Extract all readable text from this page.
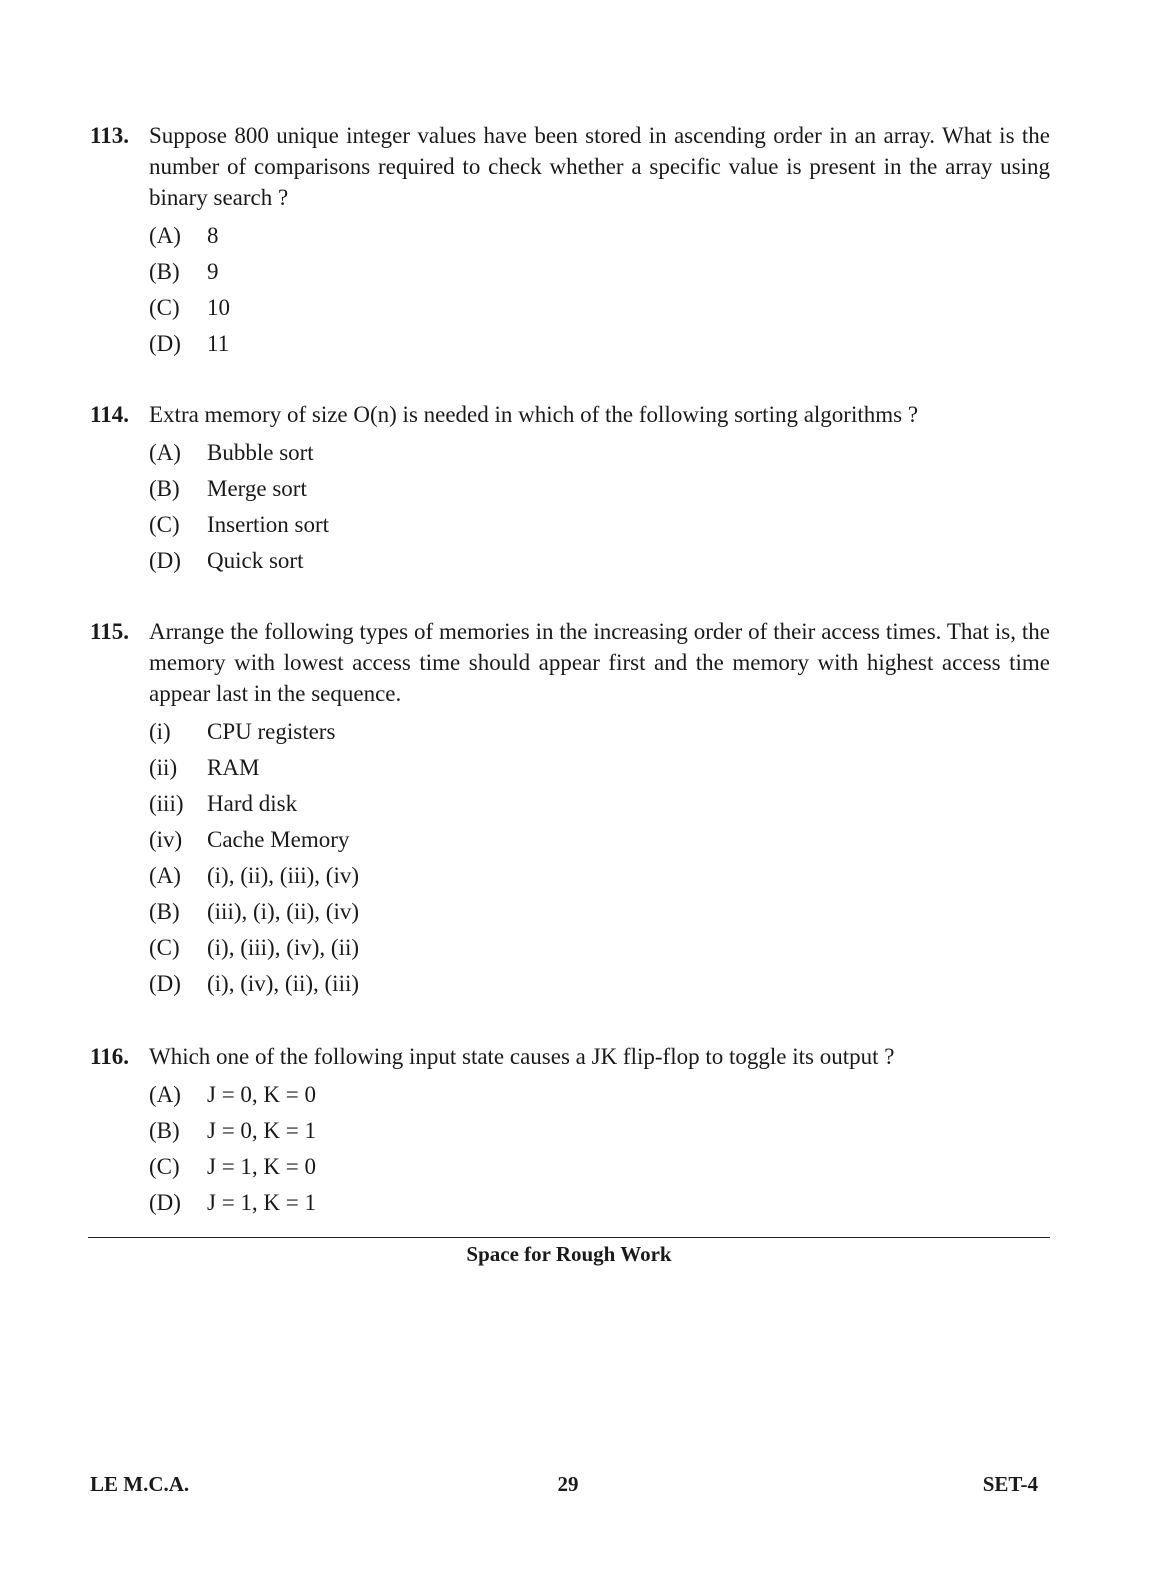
113. Suppose 800 unique integer values have been stored in ascending order in an array. What is the number of comparisons required to check whether a specific value is present in the array using binary search ?
(A) 8
(B) 9
(C) 10
(D) 11
114. Extra memory of size O(n) is needed in which of the following sorting algorithms ?
(A) Bubble sort
(B) Merge sort
(C) Insertion sort
(D) Quick sort
115. Arrange the following types of memories in the increasing order of their access times. That is, the memory with lowest access time should appear first and the memory with highest access time appear last in the sequence.
(i) CPU registers
(ii) RAM
(iii) Hard disk
(iv) Cache Memory
(A) (i), (ii), (iii), (iv)
(B) (iii), (i), (ii), (iv)
(C) (i), (iii), (iv), (ii)
(D) (i), (iv), (ii), (iii)
116. Which one of the following input state causes a JK flip-flop to toggle its output ?
(A) J = 0, K = 0
(B) J = 0, K = 1
(C) J = 1, K = 0
(D) J = 1, K = 1
Space for Rough Work
LE M.C.A.	29	SET-4
